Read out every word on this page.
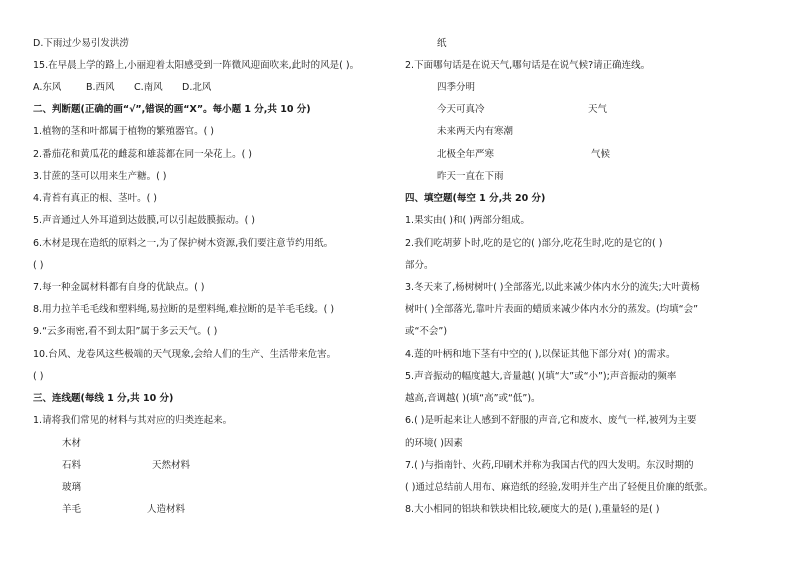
D.下雨过少易引发洪涝
15.在早晨上学的路上,小丽迎着太阳感受到一阵微风迎面吹来,此时的风是( )。
A.东风	B.西风 C.南风 D.北风
二、判断题(正确的画“√”,错误的画“X”。每小题 1 分,共 10 分)
1.植物的茎和叶都属于植物的繁殖器官。( )
2.番茄花和黄瓜花的雌蕊和雄蕊都在同一朵花上。( )
3.甘蔗的茎可以用来生产糖。( )
4.青苔有真正的根、茎叶。( )
5.声音通过人外耳道到达鼓膜,可以引起鼓膜振动。( )
6.木材是现在造纸的原料之一,为了保护树木资源,我们要注意节约用纸。
( )
7.每一种金属材料都有自身的优缺点。( )
8.用力拉羊毛毛线和塑料绳,易拉断的是塑料绳,难拉断的是羊毛毛线。( )
9.“云多雨密,看不到太阳”属于多云天气。( )
10.台风、龙卷风这些极端的天气现象,会给人们的生产、生活带来危害。
( )
三、连线题(每线 1 分,共 10 分)
1.请将我们常见的材料与其对应的归类连起来。
木材
石料	天然材料
玻璃
羊毛	人造材料
纸
2.下面哪句话是在说天气,哪句话是在说气候?请正确连线。
四季分明
今天可真冷	天气
未来两天内有寒潮
北极全年严寒	气候
昨天一直在下雨
四、填空题(每空 1 分,共 20 分)
1.果实由( )和( )两部分组成。
2.我们吃胡萝卜时,吃的是它的( )部分,吃花生时,吃的是它的( )
部分。
3.冬天来了,杨树树叶( )全部落光,以此来减少体内水分的流失;大叶黄杨
树叶( )全部落光,靠叶片表面的蜡质来减少体内水分的蒸发。(均填“会”
或“不会”)
4.莲的叶柄和地下茎有中空的( ),以保证其他下部分对( )的需求。
5.声音振动的幅度越大,音量越( )(填“大”或“小”);声音振动的频率
越高,音调越( )(填“高”或“低”)。
6.( )是听起来让人感到不舒服的声音,它和废水、废气一样,被列为主要
的环境( )因素
7.( )与指南针、火药,印刷术并称为我国古代的四大发明。东汉时期的
( )通过总结前人用布、麻造纸的经验,发明并生产出了轻便且价廉的纸张。
8.大小相同的铝块和铁块相比较,硬度大的是( ),重量轻的是( )
